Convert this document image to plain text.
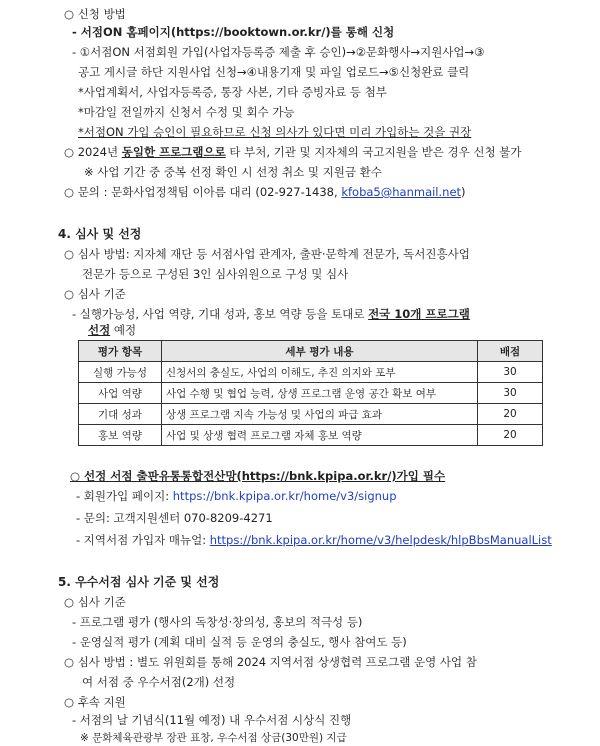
○ 신청 방법
- 서점ON 홈페이지(https://booktown.or.kr/)를 통해 신청
- ①서점ON 서점회원 가입(사업자등록증 제출 후 승인)→②문화행사→지원사업→③
공고 게시글 하단 지원사업 신청→④내용기재 및 파일 업로드→⑤신청완료 클릭
*사업계획서, 사업자등록증, 통장 사본, 기타 증빙자료 등 첨부
*마감일 전일까지 신청서 수정 및 회수 가능
*서점ON 가입 승인이 필요하므로 신청 의사가 있다면 미리 가입하는 것을 권장
○ 2024년 동일한 프로그램으로 타 부처, 기관 및 지자체의 국고지원을 받은 경우 신청 불가
※ 사업 기간 중 중복 선정 확인 시 선정 취소 및 지원금 환수
○ 문의 : 문화사업정책팀 이아름 대리 (02-927-1438, kfoba5@hanmail.net)
4. 심사 및 선정
○ 심사 방법: 지자체 재단 등 서점사업 관계자, 출판·문학계 전문가, 독서진흥사업
전문가 등으로 구성된 3인 심사위원으로 구성 및 심사
○ 심사 기준
- 실행가능성, 사업 역량, 기대 성과, 홍보 역량 등을 토대로 전국 10개 프로그램
선정 예정
평가 항목	세부 평가 내용	배점
실행 가능성	신청서의 충실도, 사업의 이해도, 추진 의지와 포부	30
사업 역량	사업 수행 및 협업 능력, 상생 프로그램 운영 공간 확보 여부	30
기대 성과	상생 프로그램 지속 가능성 및 사업의 파급 효과	20
홍보 역량	사업 및 상생 협력 프로그램 자체 홍보 역량	20
○ 선정 서점 출판유통통합전산망(https://bnk.kpipa.or.kr/)가입 필수
- 회원가입 페이지: https://bnk.kpipa.or.kr/home/v3/signup
- 문의: 고객지원센터 070-8209-4271
- 지역서점 가입자 매뉴얼: https://bnk.kpipa.or.kr/home/v3/helpdesk/hlpBbsManualList
5. 우수서점 심사 기준 및 선정
○ 심사 기준
- 프로그램 평가 (행사의 독창성·창의성, 홍보의 적극성 등)
- 운영실적 평가 (계획 대비 실적 등 운영의 충실도, 행사 참여도 등)
○ 심사 방법 : 별도 위원회를 통해 2024 지역서점 상생협력 프로그램 운영 사업 참
여 서점 중 우수서점(2개) 선정
○ 후속 지원
- 서점의 날 기념식(11월 예정) 내 우수서점 시상식 진행
※ 문화체육관광부 장관 표창, 우수서점 상금(30만원) 지급
